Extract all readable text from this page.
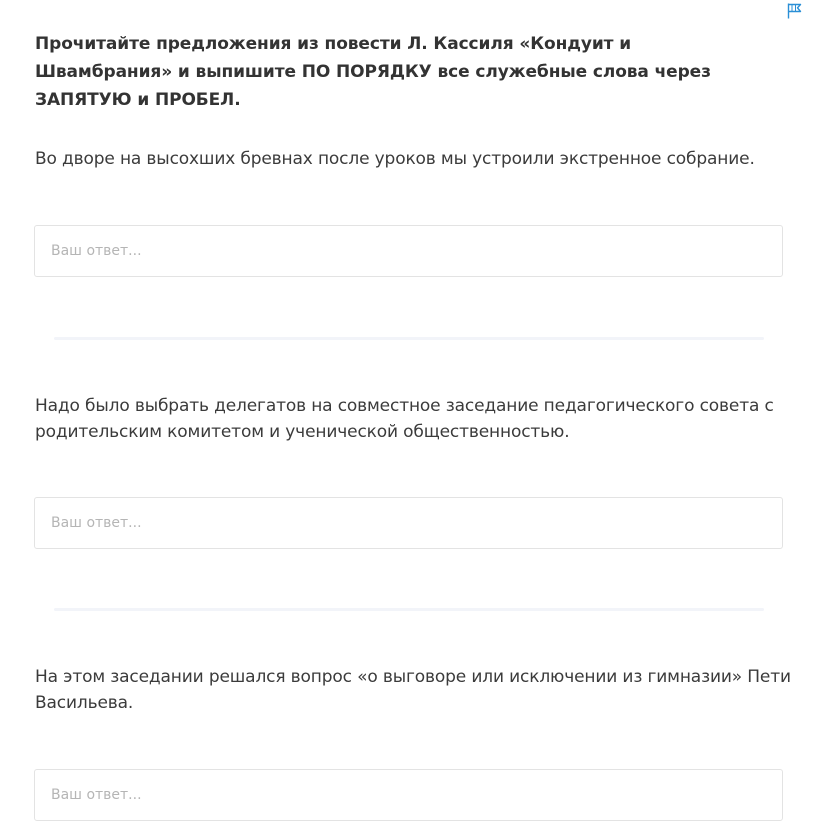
Прочитайте предложения из повести Л. Кассиля «Кондуит и Швамбрания» и выпишите ПО ПОРЯДКУ все служебные слова через ЗАПЯТУЮ и ПРОБЕЛ.

Во дворе на высохших бревнах после уроков мы устроили экстренное собрание.

Ваш ответ...

Надо было выбрать делегатов на совместное заседание педагогического совета с родительским комитетом и ученической общественностью.

Ваш ответ...

На этом заседании решался вопрос «о выговоре или исключении из гимназии» Пети Васильева.

Ваш ответ...
